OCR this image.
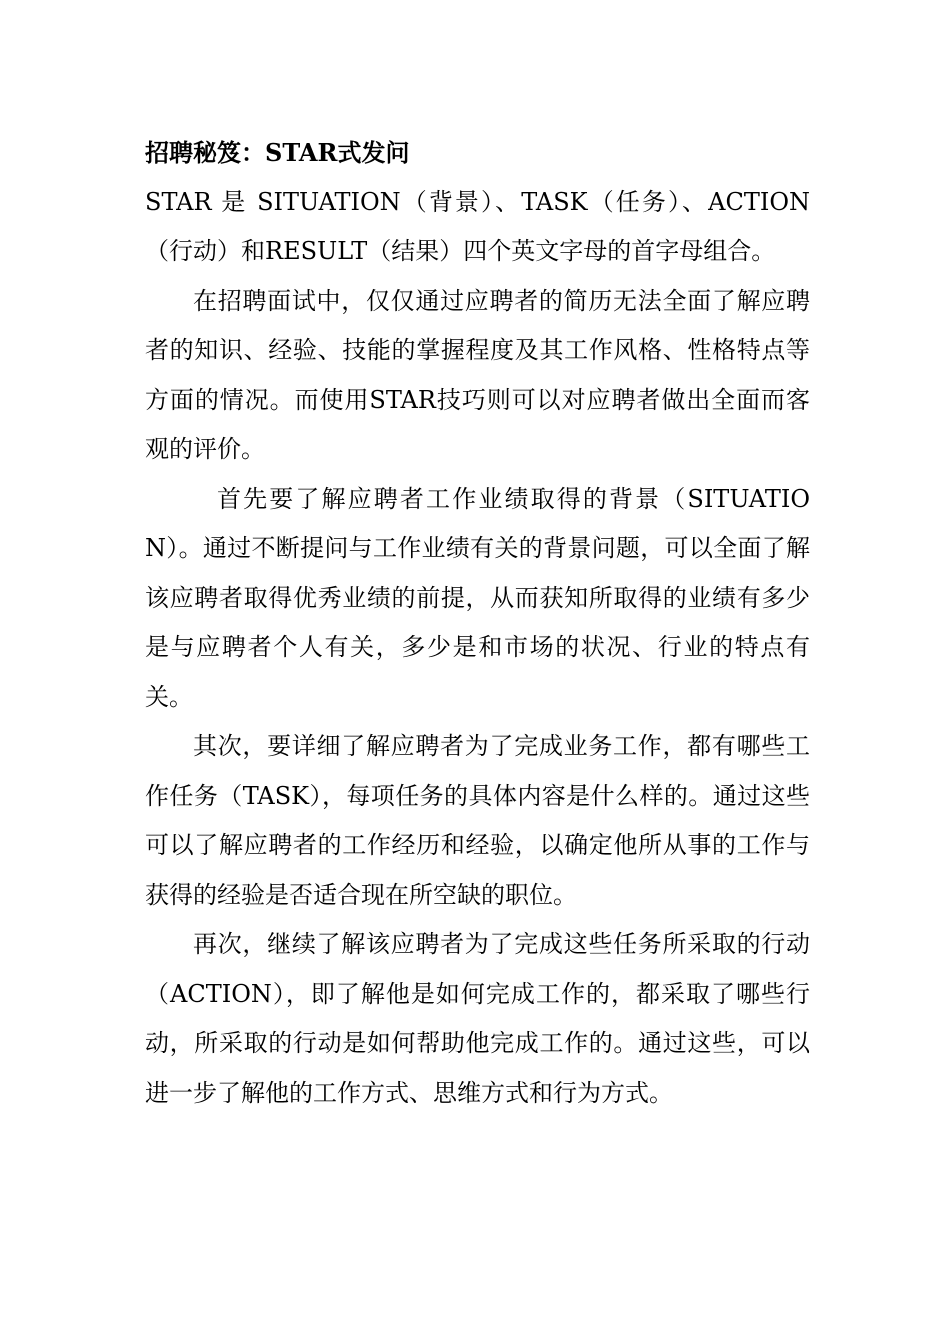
招聘秘笈：STAR式发问

STAR 是 SITUATION（背景）、TASK（任务）、ACTION（行动）和RESULT（结果）四个英文字母的首字母组合。

在招聘面试中，仅仅通过应聘者的简历无法全面了解应聘者的知识、经验、技能的掌握程度及其工作风格、性格特点等方面的情况。而使用STAR技巧则可以对应聘者做出全面而客观的评价。

首先要了解应聘者工作业绩取得的背景（SITUATION）。通过不断提问与工作业绩有关的背景问题，可以全面了解该应聘者取得优秀业绩的前提，从而获知所取得的业绩有多少是与应聘者个人有关，多少是和市场的状况、行业的特点有关。

其次，要详细了解应聘者为了完成业务工作，都有哪些工作任务（TASK），每项任务的具体内容是什么样的。通过这些可以了解应聘者的工作经历和经验，以确定他所从事的工作与获得的经验是否适合现在所空缺的职位。

再次，继续了解该应聘者为了完成这些任务所采取的行动（ACTION），即了解他是如何完成工作的，都采取了哪些行动，所采取的行动是如何帮助他完成工作的。通过这些，可以进一步了解他的工作方式、思维方式和行为方式。
